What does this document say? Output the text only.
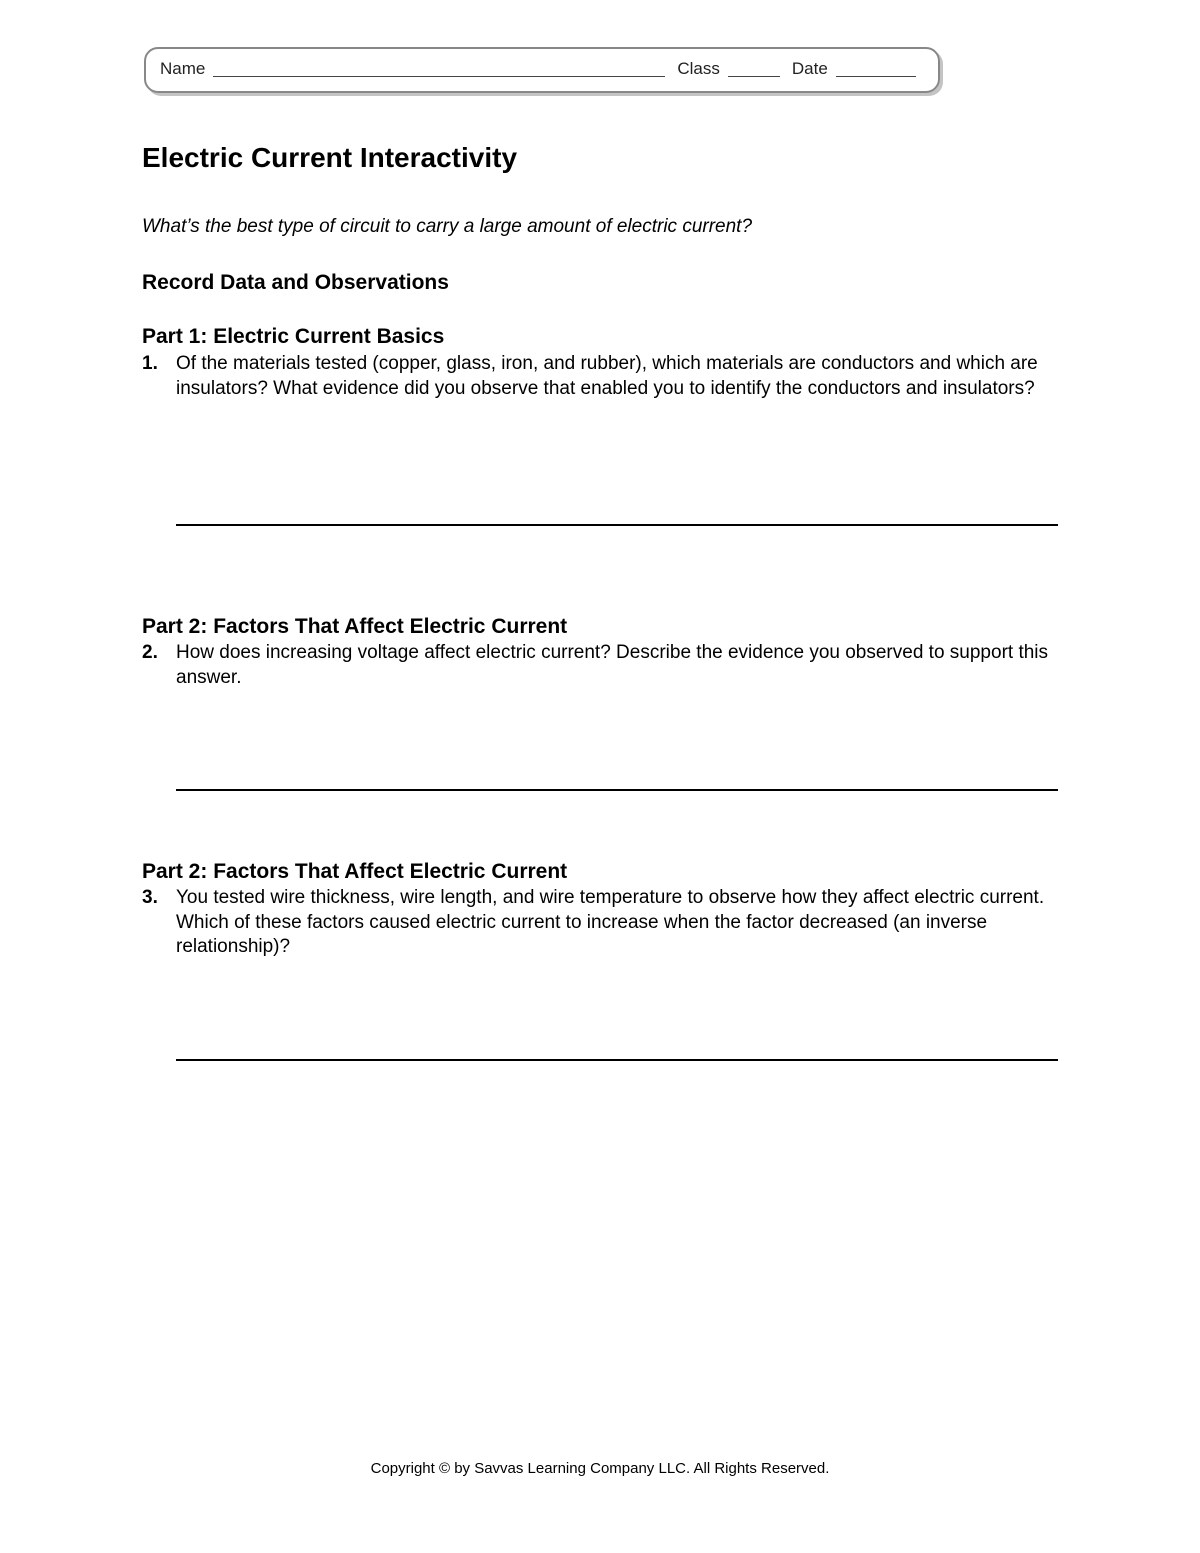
Name	Class	Date
Electric Current Interactivity
What’s the best type of circuit to carry a large amount of electric current?
Record Data and Observations
Part 1: Electric Current Basics
1. Of the materials tested (copper, glass, iron, and rubber), which materials are conductors and which are insulators? What evidence did you observe that enabled you to identify the conductors and insulators?
Part 2: Factors That Affect Electric Current
2. How does increasing voltage affect electric current? Describe the evidence you observed to support this answer.
Part 2: Factors That Affect Electric Current
3. You tested wire thickness, wire length, and wire temperature to observe how they affect electric current. Which of these factors caused electric current to increase when the factor decreased (an inverse relationship)?
Copyright © by Savvas Learning Company LLC. All Rights Reserved.
